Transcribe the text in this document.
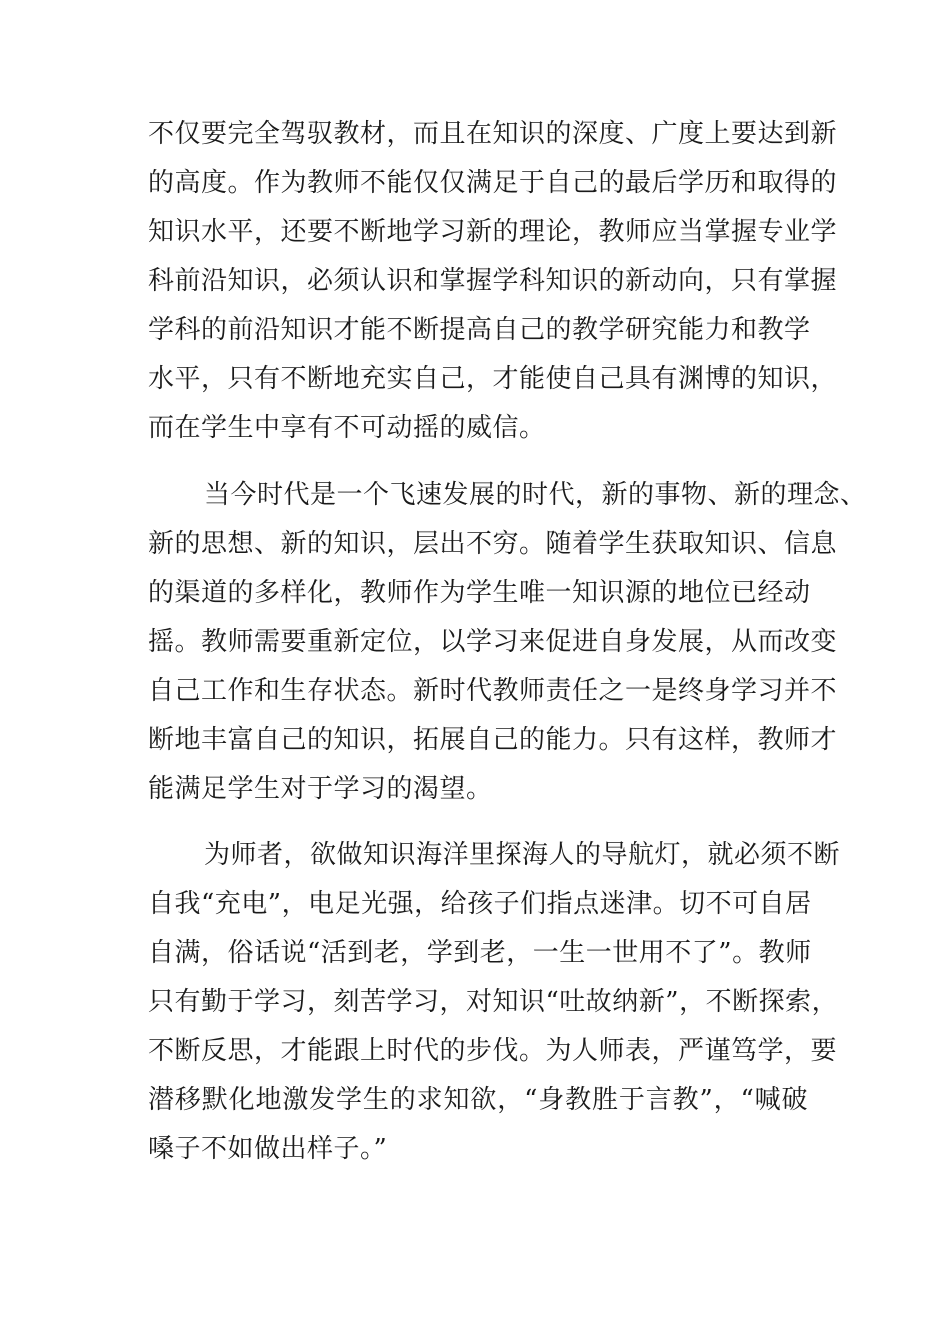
不仅要完全驾驭教材，而且在知识的深度、广度上要达到新
的高度。作为教师不能仅仅满足于自己的最后学历和取得的
知识水平，还要不断地学习新的理论，教师应当掌握专业学
科前沿知识，必须认识和掌握学科知识的新动向，只有掌握
学科的前沿知识才能不断提高自己的教学研究能力和教学
水平，只有不断地充实自己，才能使自己具有渊博的知识，
而在学生中享有不可动摇的威信。
当今时代是一个飞速发展的时代，新的事物、新的理念、
新的思想、新的知识，层出不穷。随着学生获取知识、信息
的渠道的多样化，教师作为学生唯一知识源的地位已经动
摇。教师需要重新定位，以学习来促进自身发展，从而改变
自己工作和生存状态。新时代教师责任之一是终身学习并不
断地丰富自己的知识，拓展自己的能力。只有这样，教师才
能满足学生对于学习的渴望。
为师者，欲做知识海洋里探海人的导航灯，就必须不断
自我“充电”，电足光强，给孩子们指点迷津。切不可自居
自满，俗话说“活到老，学到老，一生一世用不了”。教师
只有勤于学习，刻苦学习，对知识“吐故纳新”，不断探索，
不断反思，才能跟上时代的步伐。为人师表，严谨笃学，要
潜移默化地激发学生的求知欲，“身教胜于言教”，“喊破
嗓子不如做出样子。”
